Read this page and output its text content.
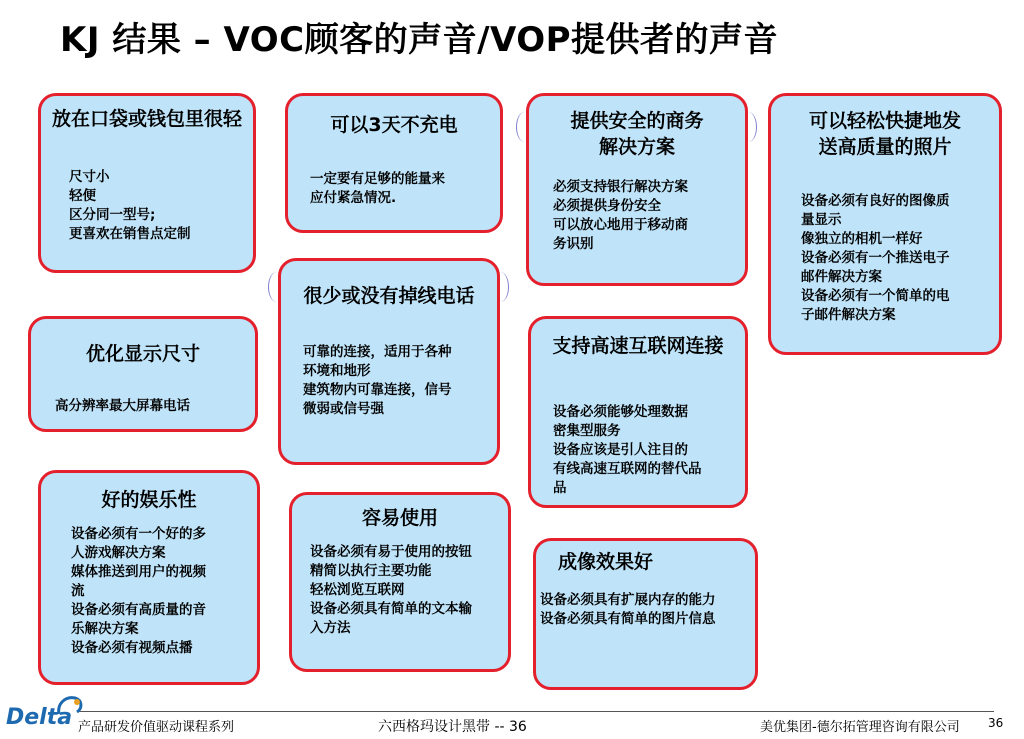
KJ 结果 – VOC顾客的声音/VOP提供者的声音
放在口袋或钱包里很轻
尺寸小
轻便
区分同一型号;
更喜欢在销售点定制
可以3天不充电
一定要有足够的能量来
应付紧急情况.
提供安全的商务
解决方案
必须支持银行解决方案
必须提供身份安全
可以放心地用于移动商
务识别
可以轻松快捷地发
送高质量的照片
设备必须有良好的图像质
量显示
像独立的相机一样好
设备必须有一个推送电子
邮件解决方案
设备必须有一个简单的电
子邮件解决方案
很少或没有掉线电话
可靠的连接，适用于各种
环境和地形
建筑物内可靠连接，信号
微弱或信号强
优化显示尺寸
高分辨率最大屏幕电话
支持高速互联网连接
设备必须能够处理数据
密集型服务
设备应该是引人注目的
有线高速互联网的替代品
品
好的娱乐性
设备必须有一个好的多
人游戏解决方案
媒体推送到用户的视频
流
设备必须有高质量的音
乐解决方案
设备必须有视频点播
容易使用
设备必须有易于使用的按钮
精简以执行主要功能
轻松浏览互联网
设备必须具有简单的文本输
入方法
成像效果好
设备必须具有扩展内存的能力
设备必须具有简单的图片信息
Delta 产品研发价值驱动课程系列	六西格玛设计黑带 -- 36	美优集团-德尔拓管理咨询有限公司 36
